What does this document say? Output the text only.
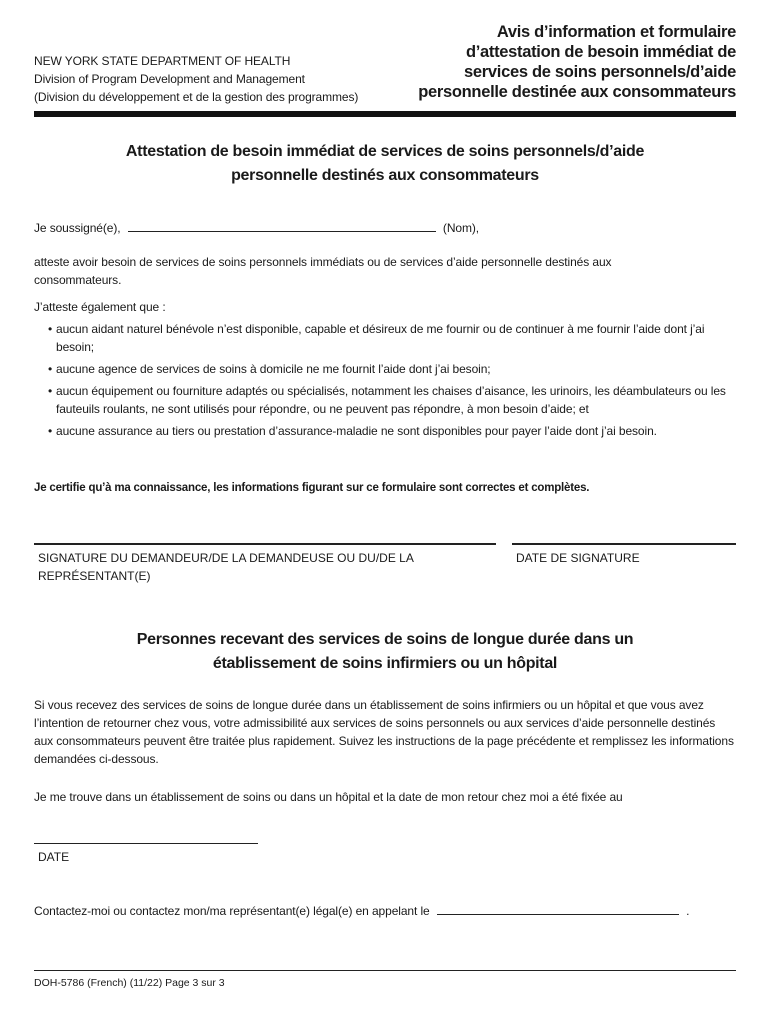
NEW YORK STATE DEPARTMENT OF HEALTH
Division of Program Development and Management
(Division du développement et de la gestion des programmes)
Avis d’information et formulaire
d’attestation de besoin immédiat de
services de soins personnels/d’aide
personnelle destinée aux consommateurs
Attestation de besoin immédiat de services de soins personnels/d’aide
personnelle destinés aux consommateurs
Je soussigné(e),	(Nom),
atteste avoir besoin de services de soins personnels immédiats ou de services d’aide personnelle destinés aux consommateurs.
J’atteste également que :
• aucun aidant naturel bénévole n’est disponible, capable et désireux de me fournir ou de continuer à me fournir l’aide dont j’ai besoin;
• aucune agence de services de soins à domicile ne me fournit l’aide dont j’ai besoin;
• aucun équipement ou fourniture adaptés ou spécialisés, notamment les chaises d’aisance, les urinoirs, les déambulateurs ou les fauteuils roulants, ne sont utilisés pour répondre, ou ne peuvent pas répondre, à mon besoin d’aide; et
• aucune assurance au tiers ou prestation d’assurance-maladie ne sont disponibles pour payer l’aide dont j’ai besoin.
Je certifie qu’à ma connaissance, les informations figurant sur ce formulaire sont correctes et complètes.
SIGNATURE DU DEMANDEUR/DE LA DEMANDEUSE OU DU/DE LA REPRÉSENTANT(E)
DATE DE SIGNATURE
Personnes recevant des services de soins de longue durée dans un
établissement de soins infirmiers ou un hôpital
Si vous recevez des services de soins de longue durée dans un établissement de soins infirmiers ou un hôpital et que vous avez l’intention de retourner chez vous, votre admissibilité aux services de soins personnels ou aux services d’aide personnelle destinés aux consommateurs peuvent être traitée plus rapidement. Suivez les instructions de la page précédente et remplissez les informations demandées ci-dessous.
Je me trouve dans un établissement de soins ou dans un hôpital et la date de mon retour chez moi a été fixée au
DATE
Contactez-moi ou contactez mon/ma représentant(e) légal(e) en appelant le	.
DOH-5786 (French) (11/22) Page 3 sur 3
